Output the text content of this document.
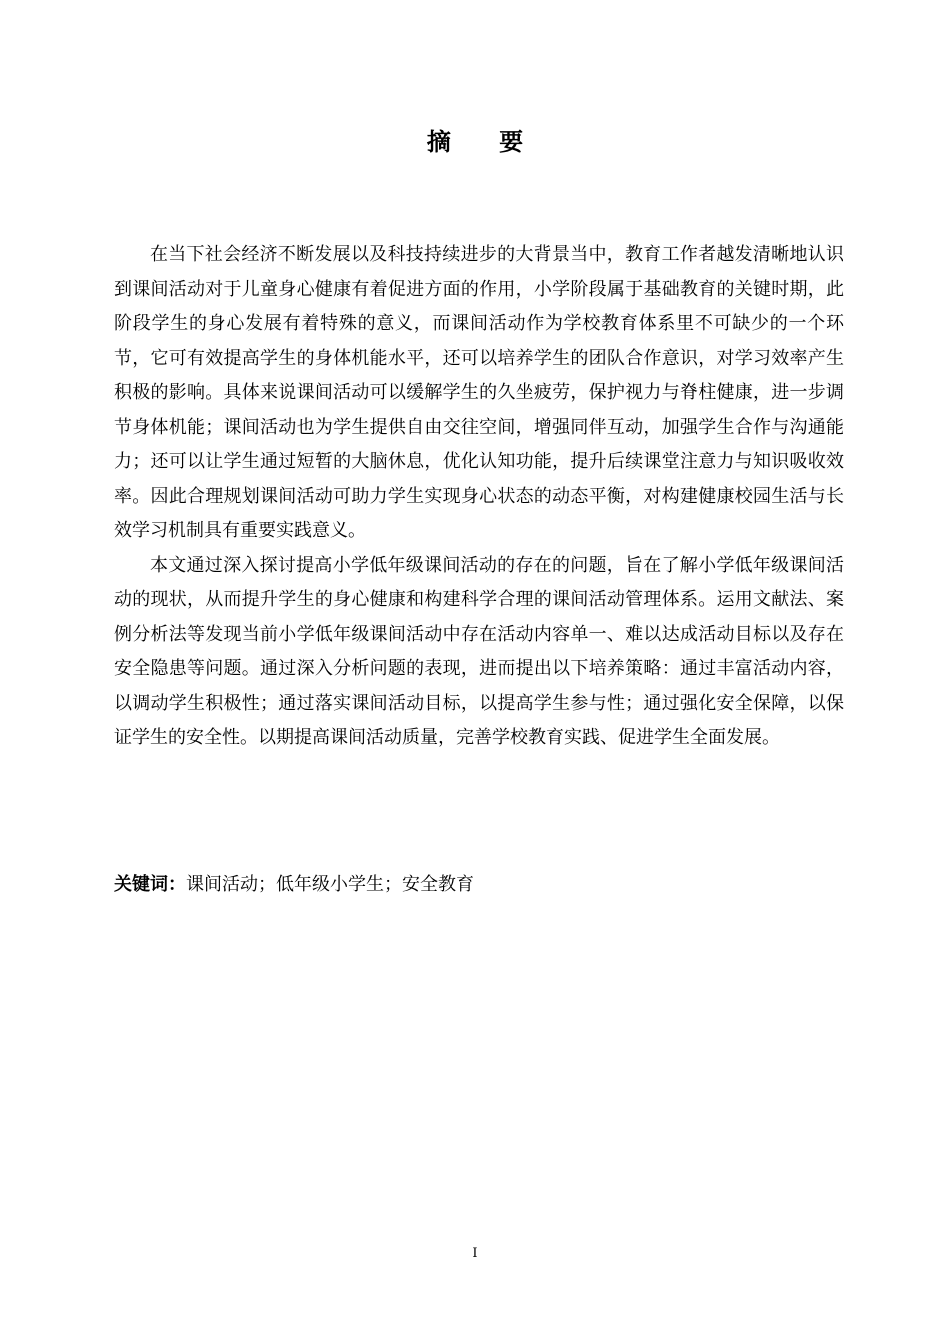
摘 要

在当下社会经济不断发展以及科技持续进步的大背景当中，教育工作者越发清晰地认识到课间活动对于儿童身心健康有着促进方面的作用，小学阶段属于基础教育的关键时期，此阶段学生的身心发展有着特殊的意义，而课间活动作为学校教育体系里不可缺少的一个环节，它可有效提高学生的身体机能水平，还可以培养学生的团队合作意识，对学习效率产生积极的影响。具体来说课间活动可以缓解学生的久坐疲劳，保护视力与脊柱健康，进一步调节身体机能；课间活动也为学生提供自由交往空间，增强同伴互动，加强学生合作与沟通能力；还可以让学生通过短暂的大脑休息，优化认知功能，提升后续课堂注意力与知识吸收效率。因此合理规划课间活动可助力学生实现身心状态的动态平衡，对构建健康校园生活与长效学习机制具有重要实践意义。

本文通过深入探讨提高小学低年级课间活动的存在的问题，旨在了解小学低年级课间活动的现状，从而提升学生的身心健康和构建科学合理的课间活动管理体系。运用文献法、案例分析法等发现当前小学低年级课间活动中存在活动内容单一、难以达成活动目标以及存在安全隐患等问题。通过深入分析问题的表现，进而提出以下培养策略：通过丰富活动内容，以调动学生积极性；通过落实课间活动目标，以提高学生参与性；通过强化安全保障，以保证学生的安全性。以期提高课间活动质量，完善学校教育实践、促进学生全面发展。

关键词：课间活动；低年级小学生；安全教育
I
